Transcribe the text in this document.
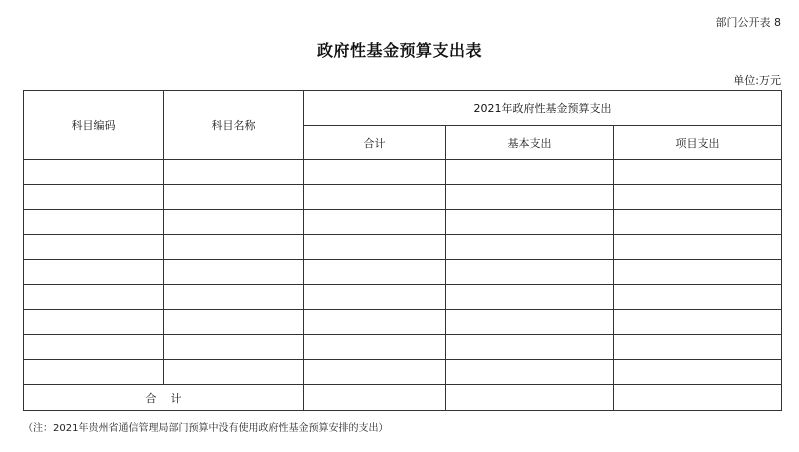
部门公开表 8
政府性基金预算支出表
单位:万元
科目编码	科目名称	2021年政府性基金预算支出		
		合计	基本支出	项目支出

合计				
（注：2021年贵州省通信管理局部门预算中没有使用政府性基金预算安排的支出）
